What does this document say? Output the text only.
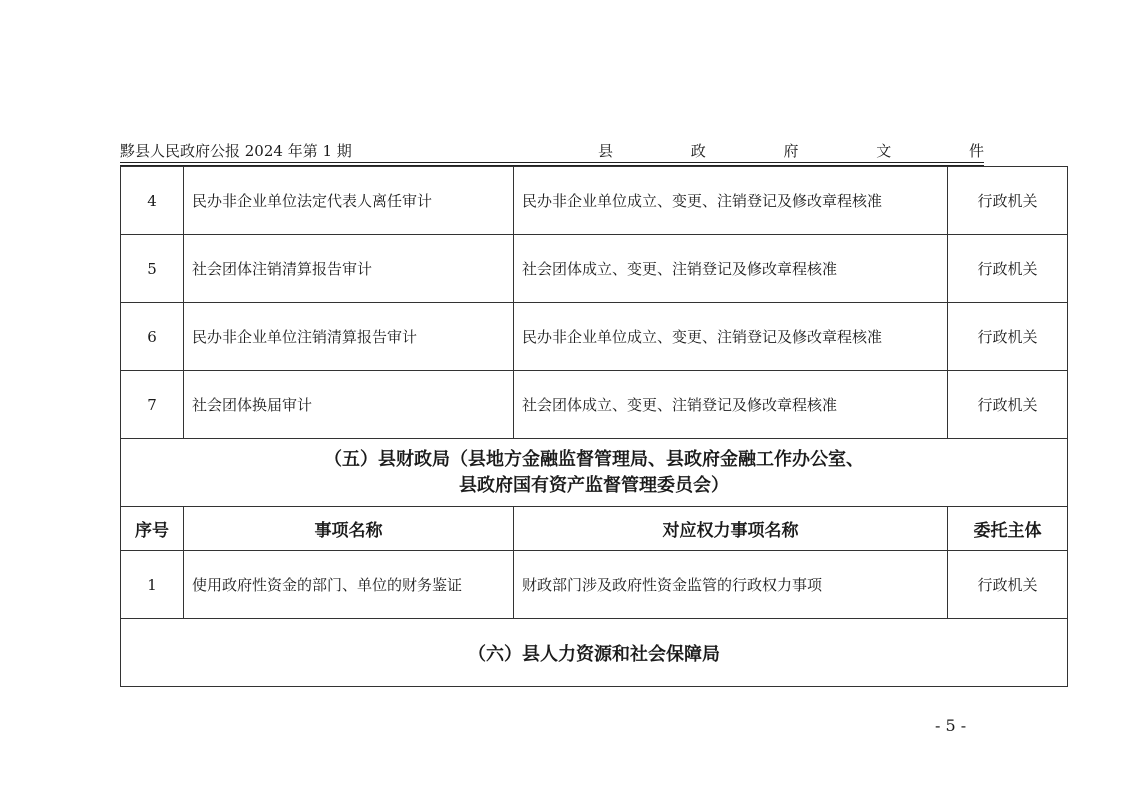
黟县人民政府公报 2024 年第 1 期	县	政	府	文	件
4	民办非企业单位法定代表人离任审计	民办非企业单位成立、变更、注销登记及修改章程核准	行政机关
5	社会团体注销清算报告审计	社会团体成立、变更、注销登记及修改章程核准	行政机关
6	民办非企业单位注销清算报告审计	民办非企业单位成立、变更、注销登记及修改章程核准	行政机关
7	社会团体换届审计	社会团体成立、变更、注销登记及修改章程核准	行政机关

（五）县财政局（县地方金融监督管理局、县政府金融工作办公室、
县政府国有资产监督管理委员会）			

序号	事项名称	对应权力事项名称	委托主体
1	使用政府性资金的部门、单位的财务鉴证	财政部门涉及政府性资金监管的行政权力事项	行政机关
（六）县人力资源和社会保障局			
- 5 -
